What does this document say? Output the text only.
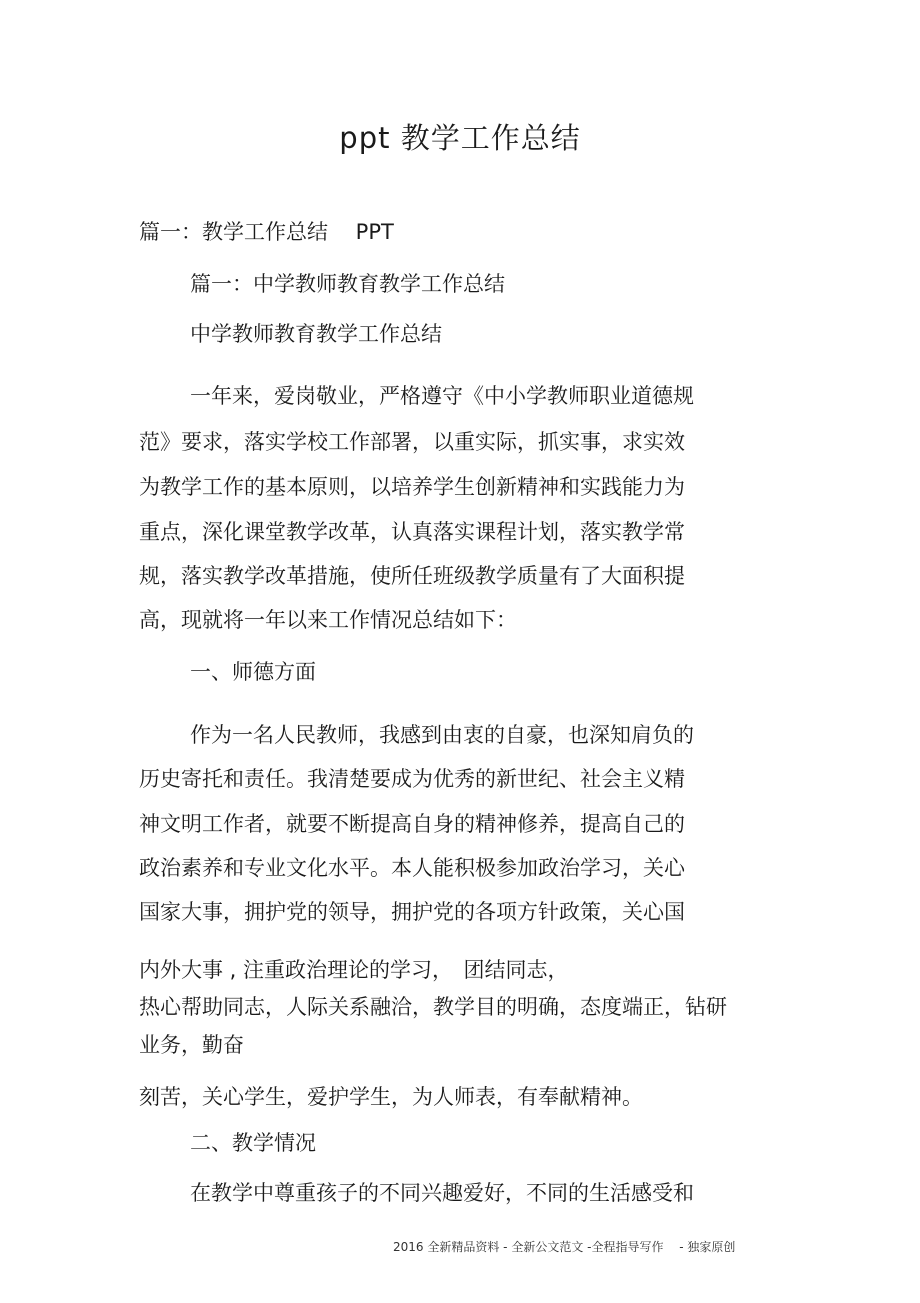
ppt 教学工作总结
篇一：教学工作总结　 PPT
篇一：中学教师教育教学工作总结
中学教师教育教学工作总结
一年来，爱岗敬业，严格遵守《中小学教师职业道德规
范》要求，落实学校工作部署，以重实际，抓实事，求实效
为教学工作的基本原则，以培养学生创新精神和实践能力为
重点，深化课堂教学改革，认真落实课程计划，落实教学常
规，落实教学改革措施，使所任班级教学质量有了大面积提
高，现就将一年以来工作情况总结如下：
一、师德方面
作为一名人民教师，我感到由衷的自豪，也深知肩负的
历史寄托和责任。我清楚要成为优秀的新世纪、社会主义精
神文明工作者，就要不断提高自身的精神修养，提高自己的
政治素养和专业文化水平。本人能积极参加政治学习，关心
国家大事，拥护党的领导，拥护党的各项方针政策，关心国
内外大事 , 注重政治理论的学习，　团结同志，
热心帮助同志，人际关系融洽，教学目的明确，态度端正，钻研
业务，勤奋
刻苦，关心学生，爱护学生，为人师表，有奉献精神。
二、教学情况
在教学中尊重孩子的不同兴趣爱好，不同的生活感受和
2016 全新精品资料 - 全新公文范文 -全程指导写作　 - 独家原创
